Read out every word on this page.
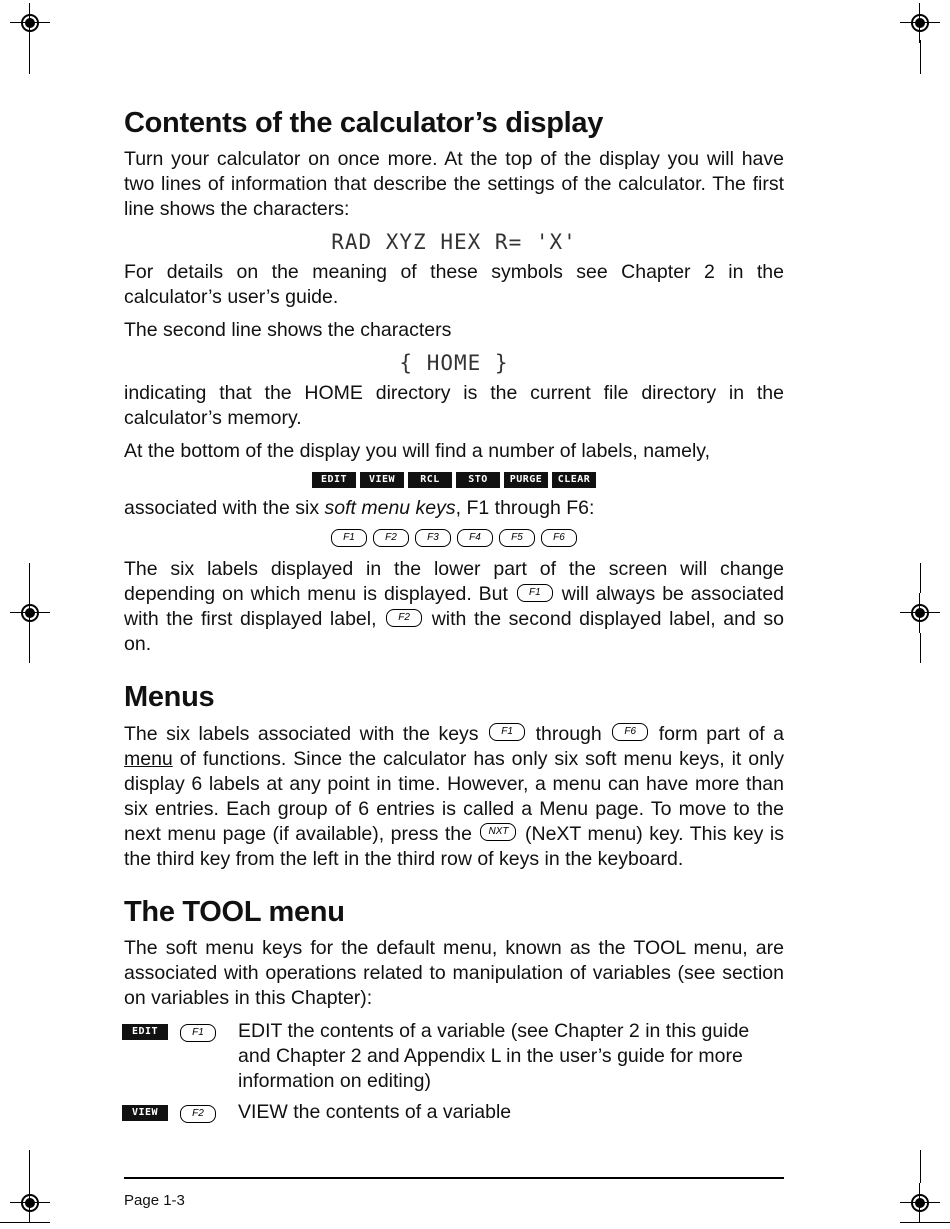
Contents of the calculator’s display

Turn your calculator on once more. At the top of the display you will have two lines of information that describe the settings of the calculator. The first line shows the characters:

RAD XYZ HEX R= 'X'

For details on the meaning of these symbols see Chapter 2 in the calculator’s user’s guide.

The second line shows the characters

{ HOME }

indicating that the HOME directory is the current file directory in the calculator’s memory.

At the bottom of the display you will find a number of labels, namely,

EDIT	VIEW	RCL	STO	PURGE	CLEAR

associated with the six soft menu keys, F1 through F6:

F1	F2	F3	F4	F5	F6

The six labels displayed in the lower part of the screen will change depending on which menu is displayed. But F1 will always be associated with the first displayed label, F2 with the second displayed label, and so on.

Menus

The six labels associated with the keys F1 through F6 form part of a menu of functions. Since the calculator has only six soft menu keys, it only display 6 labels at any point in time. However, a menu can have more than six entries. Each group of 6 entries is called a Menu page. To move to the next menu page (if available), press the NXT (NeXT menu) key. This key is the third key from the left in the third row of keys in the keyboard.

The TOOL menu

The soft menu keys for the default menu, known as the TOOL menu, are associated with operations related to manipulation of variables (see section on variables in this Chapter):

EDIT	F1	EDIT the contents of a variable (see Chapter 2 in this guide and Chapter 2 and Appendix L in the user’s guide for more information on editing)
VIEW	F2	VIEW the contents of a variable
Page 1-3
